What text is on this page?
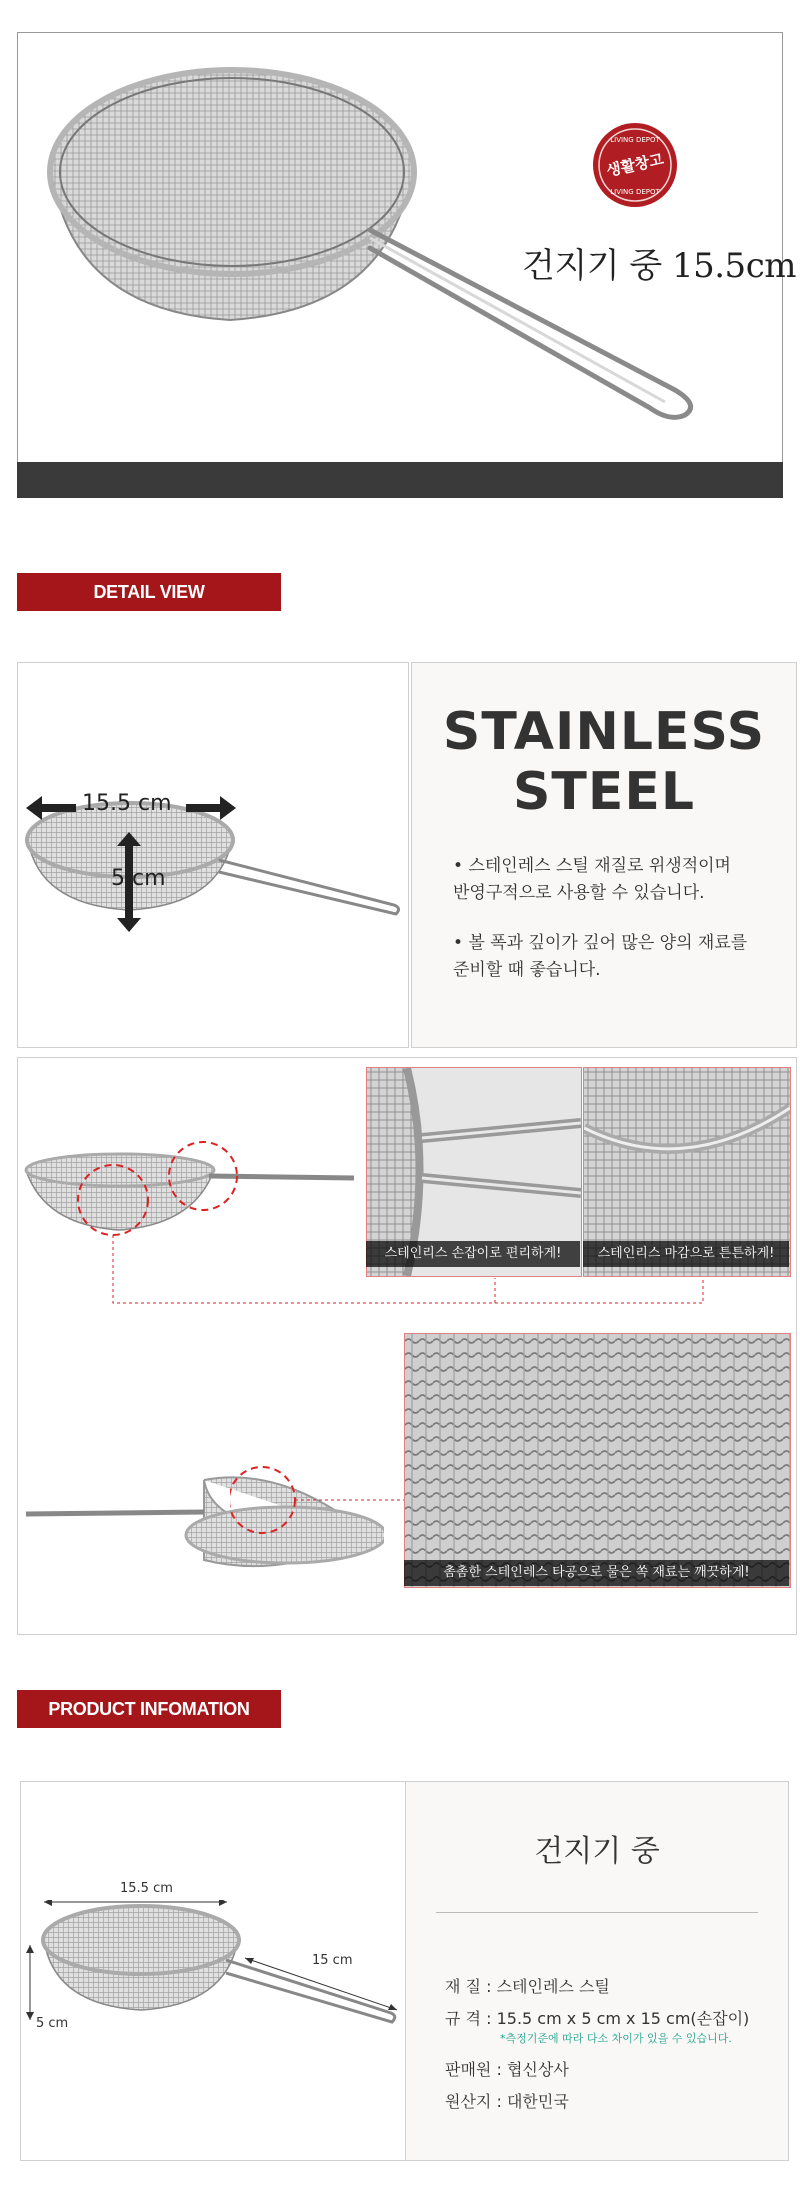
생활창고
LIVING DEPOT
LIVING DEPOT
건지기 중 15.5cm
DETAIL VIEW
15.5 cm
5 cm
STAINLESS
STEEL
• 스테인레스 스틸 재질로 위생적이며
반영구적으로 사용할 수 있습니다.
• 볼 폭과 깊이가 깊어 많은 양의 재료를
준비할 때 좋습니다.
스테인리스 손잡이로 편리하게!	스테인리스 마감으로 튼튼하게!
촘촘한 스테인레스 타공으로 물은 쏙 재료는 깨끗하게!
PRODUCT INFOMATION
15.5 cm
15 cm
5 cm
건지기 중
재 질 : 스테인레스 스틸
규 격 : 15.5 cm x 5 cm x 15 cm(손잡이)
*측정기준에 따라 다소 차이가 있을 수 있습니다.
판매원 : 협신상사
원산지 : 대한민국
